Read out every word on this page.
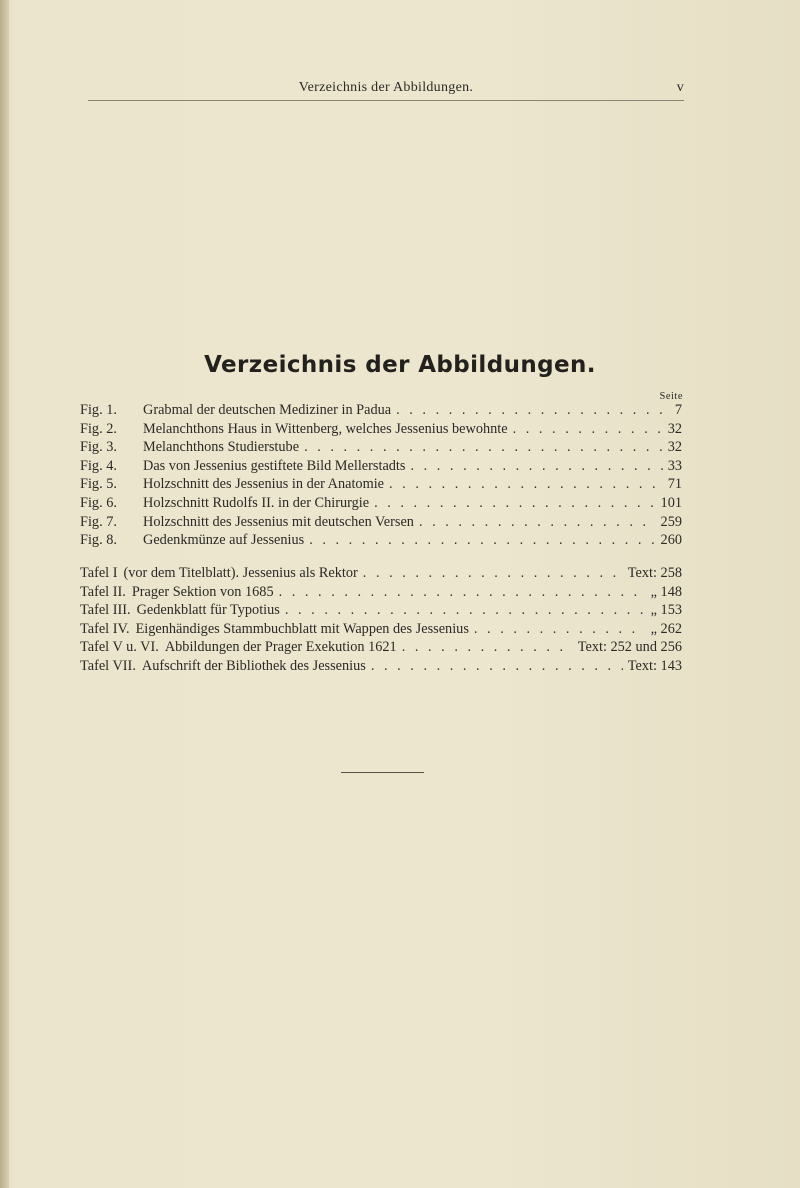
Verzeichnis der Abbildungen.	v
Verzeichnis der Abbildungen.
Seite
Fig. 1.	Grabmal der deutschen Mediziner in Padua . . .	7
Fig. 2.	Melanchthons Haus in Wittenberg, welches Jessenius bewohnte . . .	32
Fig. 3.	Melanchthons Studierstube . . .	32
Fig. 4.	Das von Jessenius gestiftete Bild Mellerstadts . . .	33
Fig. 5.	Holzschnitt des Jessenius in der Anatomie . . .	71
Fig. 6.	Holzschnitt Rudolfs II. in der Chirurgie . . .	101
Fig. 7.	Holzschnitt des Jessenius mit deutschen Versen . . .	259
Fig. 8.	Gedenkmünze auf Jessenius . . .	260
Tafel I (vor dem Titelblatt). Jessenius als Rektor . . .	Text: 258
Tafel II. Prager Sektion von 1685 . . .	„ 148
Tafel III. Gedenkblatt für Typotius . . .	„ 153
Tafel IV. Eigenhändiges Stammbuchblatt mit Wappen des Jessenius . . .	„ 262
Tafel V u. VI. Abbildungen der Prager Exekution 1621 . . .	Text: 252 und 256
Tafel VII. Aufschrift der Bibliothek des Jessenius . . .	Text: 143
